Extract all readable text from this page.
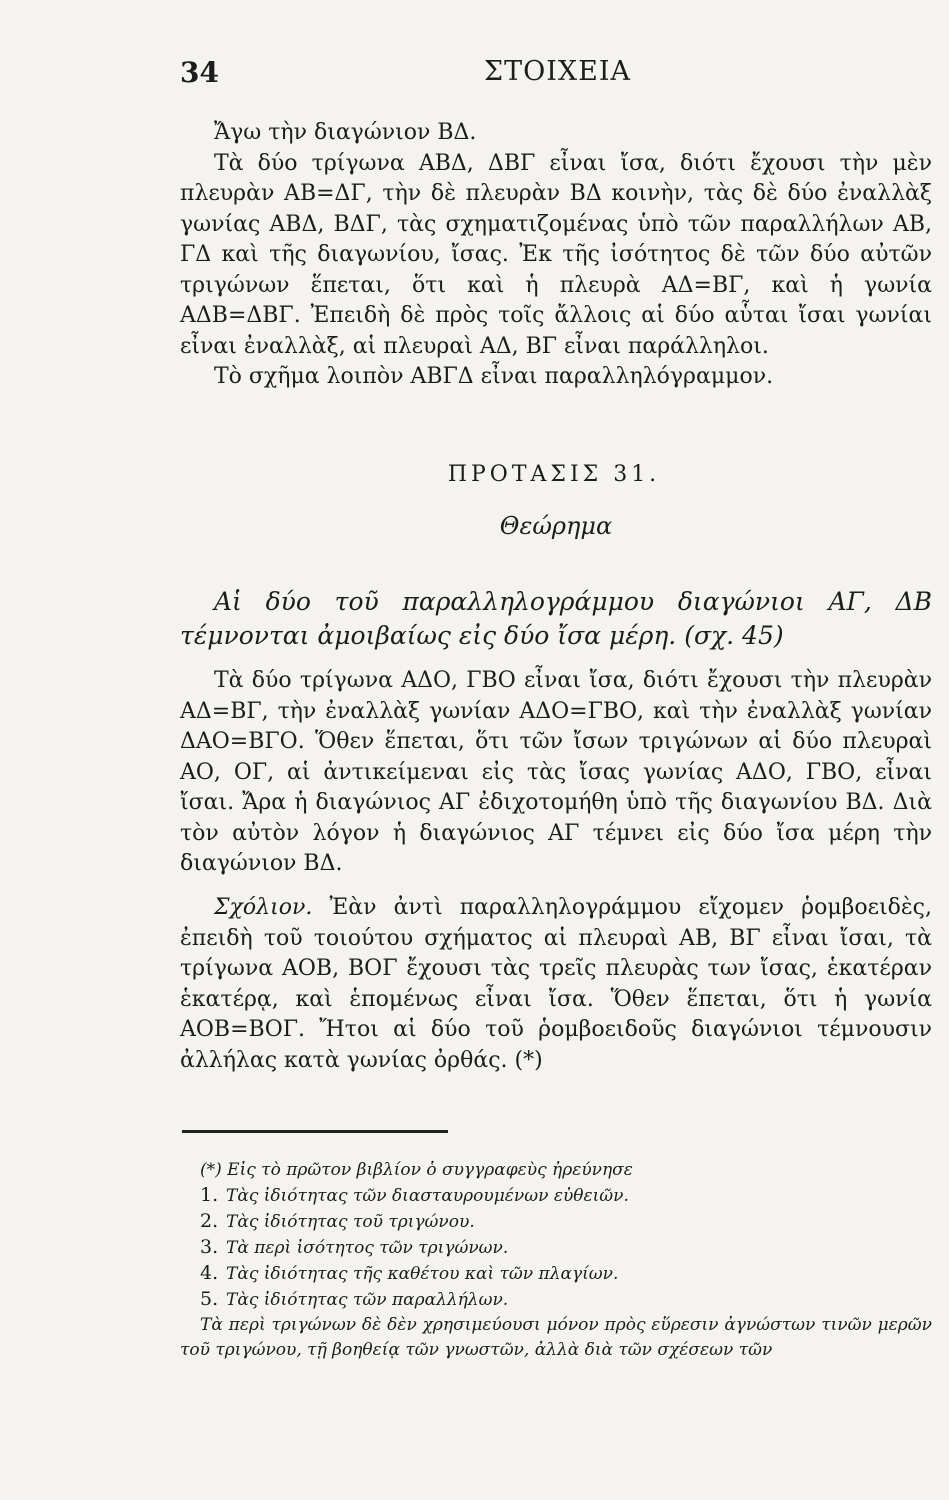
34	ΣΤΟΙΧΕΙΑ

Ἄγω τὴν διαγώνιον ΒΔ.

Τὰ δύο τρίγωνα ΑΒΔ, ΔΒΓ εἶναι ἴσα, διότι ἔχουσι τὴν μὲν πλευρὰν ΑΒ=ΔΓ, τὴν δὲ πλευρὰν ΒΔ κοινὴν, τὰς δὲ δύο ἐναλλὰξ γωνίας ΑΒΔ, ΒΔΓ, τὰς σχηματιζομένας ὑπὸ τῶν παραλλήλων ΑΒ, ΓΔ καὶ τῆς διαγωνίου, ἴσας. Ἐκ τῆς ἰσότητος δὲ τῶν δύο αὐτῶν τριγώνων ἕπεται, ὅτι καὶ ἡ πλευρὰ ΑΔ=ΒΓ, καὶ ἡ γωνία ΑΔΒ=ΔΒΓ. Ἐπειδὴ δὲ πρὸς τοῖς ἄλλοις αἱ δύο αὗται ἴσαι γωνίαι εἶναι ἐναλλὰξ, αἱ πλευραὶ ΑΔ, ΒΓ εἶναι παράλληλοι.

Τὸ σχῆμα λοιπὸν ΑΒΓΔ εἶναι παραλληλόγραμμον.

ΠΡΟΤΑΣΙΣ 31.
Θεώρημα

Αἱ δύο τοῦ παραλληλογράμμου διαγώνιοι ΑΓ, ΔΒ τέμνονται ἀμοιβαίως εἰς δύο ἴσα μέρη. (σχ. 45)

Τὰ δύο τρίγωνα ΑΔΟ, ΓΒΟ εἶναι ἴσα, διότι ἔχουσι τὴν πλευρὰν ΑΔ=ΒΓ, τὴν ἐναλλὰξ γωνίαν ΑΔΟ=ΓΒΟ, καὶ τὴν ἐναλλὰξ γωνίαν ΔΑΟ=ΒΓΟ. Ὅθεν ἕπεται, ὅτι τῶν ἴσων τριγώνων αἱ δύο πλευραὶ ΑΟ, ΟΓ, αἱ ἀντικείμεναι εἰς τὰς ἴσας γωνίας ΑΔΟ, ΓΒΟ, εἶναι ἴσαι. Ἄρα ἡ διαγώνιος ΑΓ ἐδιχοτομήθη ὑπὸ τῆς διαγωνίου ΒΔ. Διὰ τὸν αὐτὸν λόγον ἡ διαγώνιος ΑΓ τέμνει εἰς δύο ἴσα μέρη τὴν διαγώνιον ΒΔ.

Σχόλιον. Ἐὰν ἀντὶ παραλληλογράμμου εἴχομεν ῥομβοειδὲς, ἐπειδὴ τοῦ τοιούτου σχήματος αἱ πλευραὶ ΑΒ, ΒΓ εἶναι ἴσαι, τὰ τρίγωνα ΑΟΒ, ΒΟΓ ἔχουσι τὰς τρεῖς πλευρὰς των ἴσας, ἑκατέραν ἑκατέρᾳ, καὶ ἑπομένως εἶναι ἴσα. Ὅθεν ἕπεται, ὅτι ἡ γωνία ΑΟΒ=ΒΟΓ. Ἤτοι αἱ δύο τοῦ ῥομβοειδοῦς διαγώνιοι τέμνουσιν ἀλλήλας κατὰ γωνίας ὀρθάς. (*)

(*) Εἰς τὸ πρῶτον βιβλίον ὁ συγγραφεὺς ἠρεύνησε

1. Τὰς ἰδιότητας τῶν διασταυρουμένων εὐθειῶν.

2. Τὰς ἰδιότητας τοῦ τριγώνου.

3. Τὰ περὶ ἰσότητος τῶν τριγώνων.

4. Τὰς ἰδιότητας τῆς καθέτου καὶ τῶν πλαγίων.

5. Τὰς ἰδιότητας τῶν παραλλήλων.

Τὰ περὶ τριγώνων δὲ δὲν χρησιμεύουσι μόνον πρὸς εὕρεσιν ἀγνώστων τινῶν μερῶν τοῦ τριγώνου, τῇ βοηθείᾳ τῶν γνωστῶν, ἀλλὰ διὰ τῶν σχέσεων τῶν
